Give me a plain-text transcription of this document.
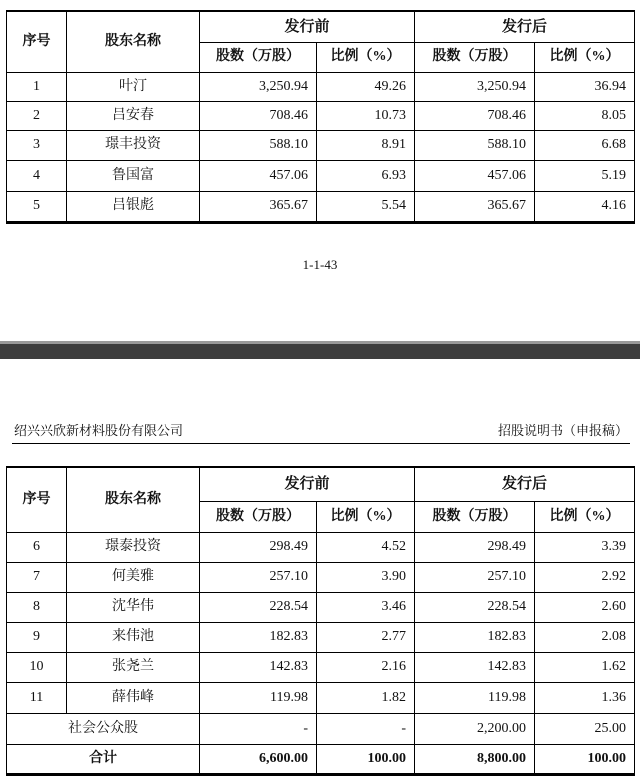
序号	股东名称	发行前		发行后	
		股数（万股）	比例（%）	股数（万股）	比例（%）
1	叶汀	3,250.94	49.26	3,250.94	36.94
2	吕安春	708.46	10.73	708.46	8.05
3	璟丰投资	588.10	8.91	588.10	6.68
4	鲁国富	457.06	6.93	457.06	5.19
5	吕银彪	365.67	5.54	365.67	4.16
1-1-43
绍兴兴欣新材料股份有限公司	招股说明书（申报稿）
序号	股东名称	发行前		发行后	
		股数（万股）	比例（%）	股数（万股）	比例（%）
6	璟泰投资	298.49	4.52	298.49	3.39
7	何美雅	257.10	3.90	257.10	2.92
8	沈华伟	228.54	3.46	228.54	2.60
9	来伟池	182.83	2.77	182.83	2.08
10	张尧兰	142.83	2.16	142.83	1.62
11	薛伟峰	119.98	1.82	119.98	1.36
社会公众股		-	-	2,200.00	25.00
合计		6,600.00	100.00	8,800.00	100.00
